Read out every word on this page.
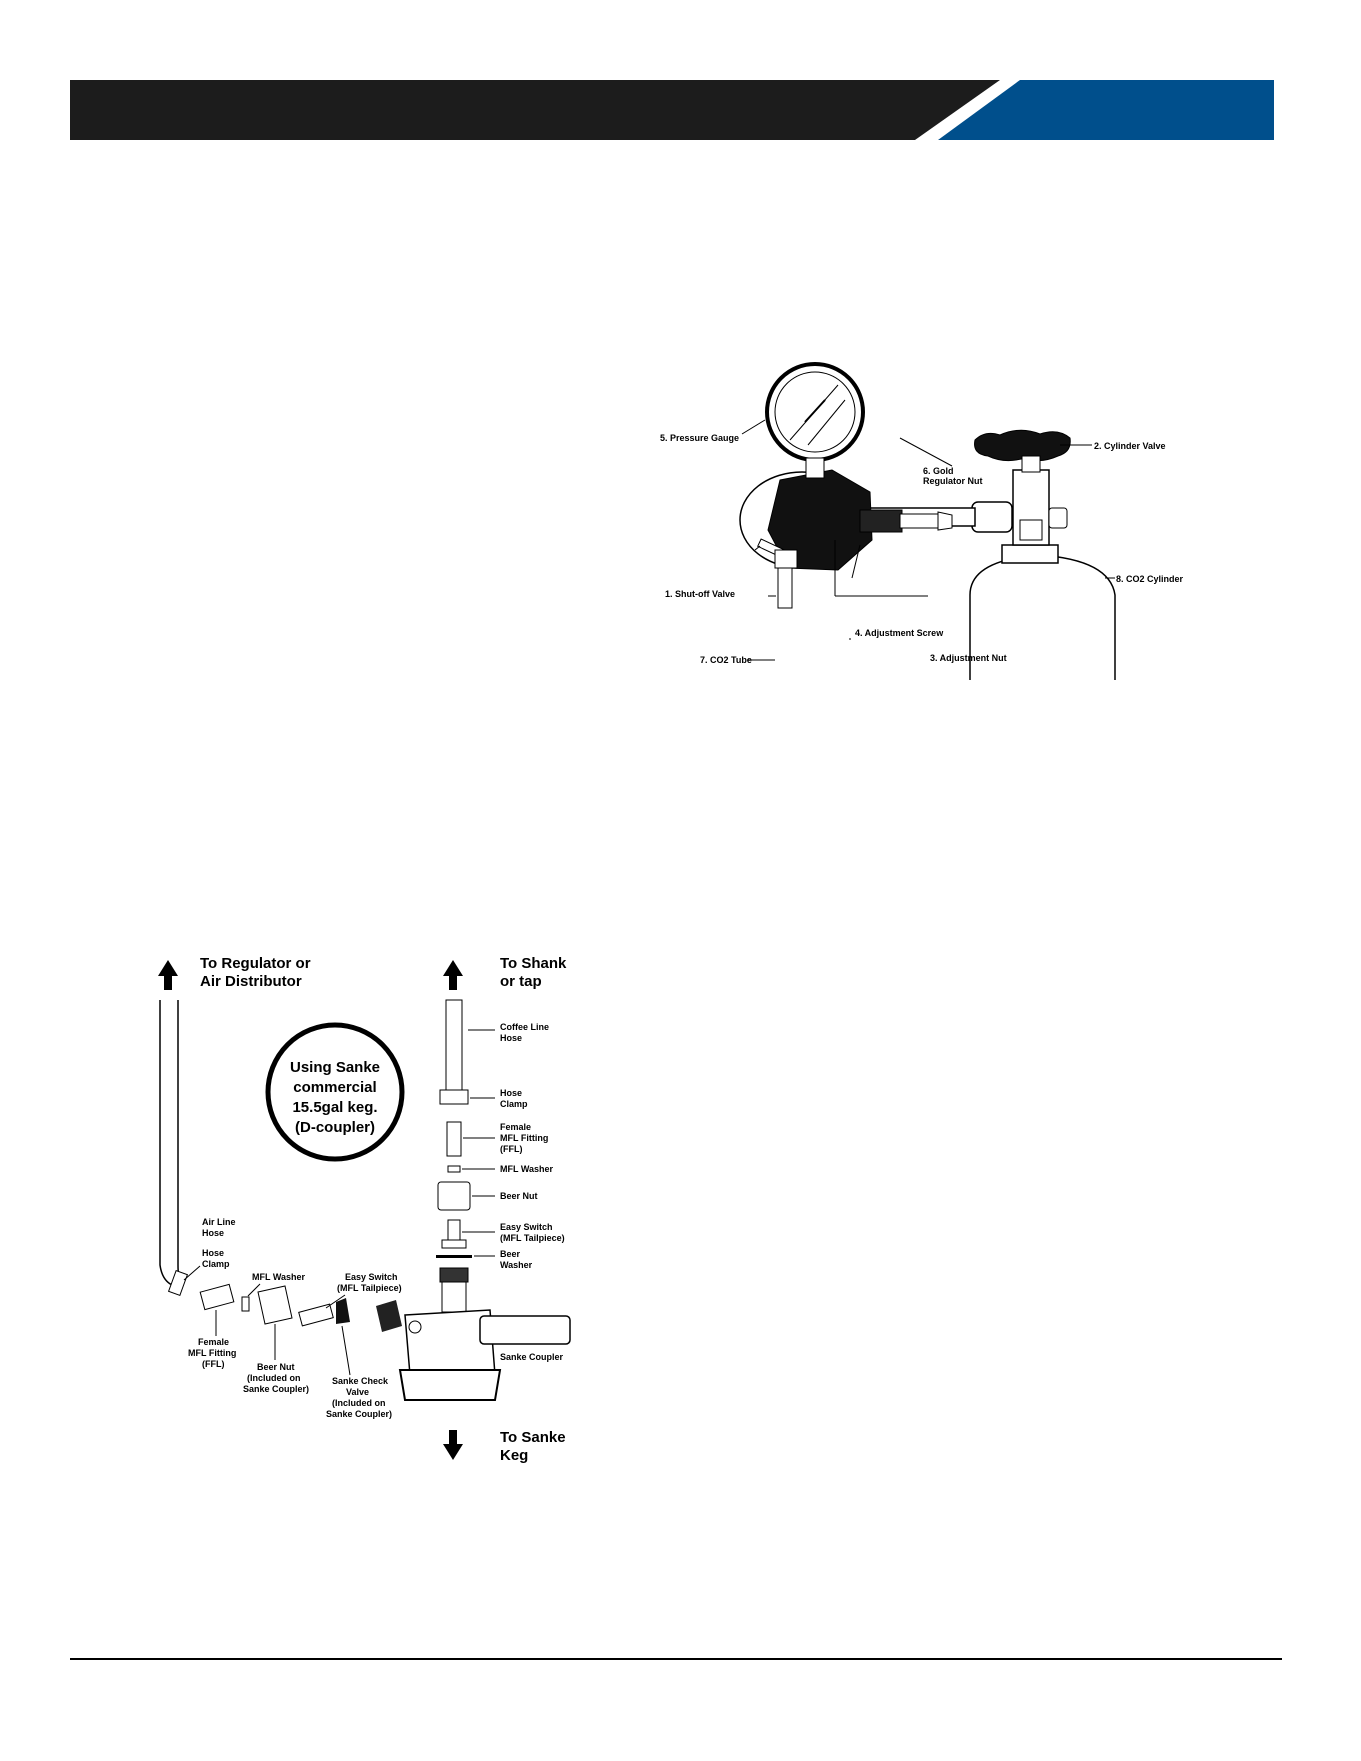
5. Pressure Gauge
2. Cylinder Valve
6. Gold
Regulator Nut
8. CO2 Cylinder
1. Shut-off Valve
4. Adjustment Screw
7. CO2 Tube	3. Adjustment Nut
To Regulator or
Air Distributor
To Shank
or tap
To Sanke
Keg
Using Sanke
commercial
15.5gal keg.
(D-coupler)
Coffee Line
Hose
Hose
Clamp
Female
MFL Fitting
(FFL)
MFL Washer
Beer Nut
Easy Switch
(MFL Tailpiece)
Beer
Washer
Sanke Coupler
Air Line
Hose
Hose
Clamp
MFL Washer	Easy Switch
(MFL Tailpiece)
Female
MFL Fitting
(FFL)	Beer Nut
(Included on
Sanke Coupler)
Sanke Check
Valve
(Included on
Sanke Coupler)
